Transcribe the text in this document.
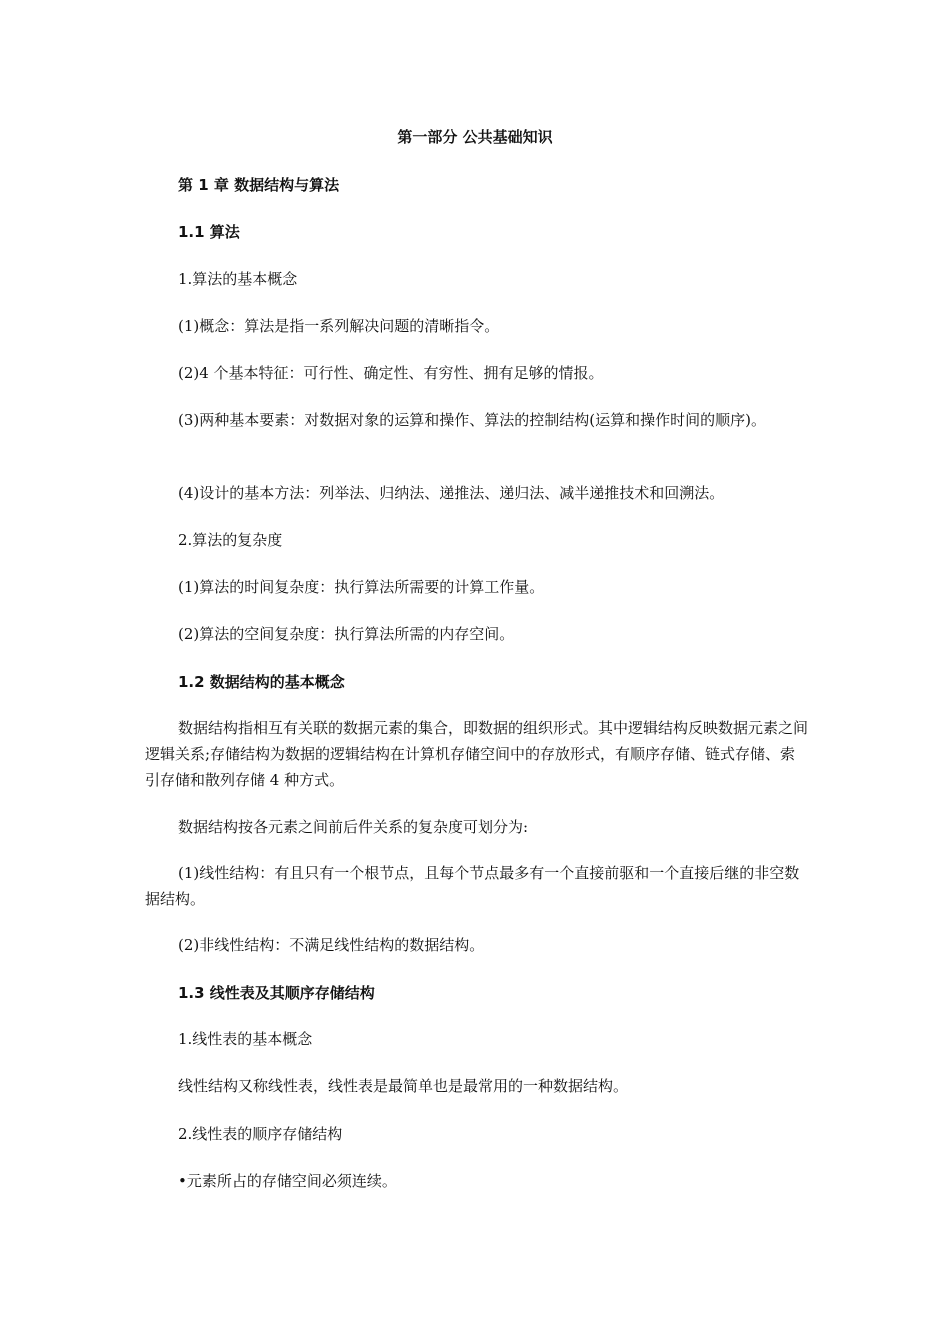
第一部分 公共基础知识
第 1 章 数据结构与算法
1.1 算法
1.算法的基本概念
(1)概念：算法是指一系列解决问题的清晰指令。
(2)4 个基本特征：可行性、确定性、有穷性、拥有足够的情报。
(3)两种基本要素：对数据对象的运算和操作、算法的控制结构(运算和操作时间的顺序)。
(4)设计的基本方法：列举法、归纳法、递推法、递归法、减半递推技术和回溯法。
2.算法的复杂度
(1)算法的时间复杂度：执行算法所需要的计算工作量。
(2)算法的空间复杂度：执行算法所需的内存空间。
1.2 数据结构的基本概念
数据结构指相互有关联的数据元素的集合，即数据的组织形式。其中逻辑结构反映数据元素之间逻辑关系;存储结构为数据的逻辑结构在计算机存储空间中的存放形式，有顺序存储、链式存储、索引存储和散列存储 4 种方式。
数据结构按各元素之间前后件关系的复杂度可划分为:
(1)线性结构：有且只有一个根节点，且每个节点最多有一个直接前驱和一个直接后继的非空数据结构。
(2)非线性结构：不满足线性结构的数据结构。
1.3 线性表及其顺序存储结构
1.线性表的基本概念
线性结构又称线性表，线性表是最简单也是最常用的一种数据结构。
2.线性表的顺序存储结构
•元素所占的存储空间必须连续。
